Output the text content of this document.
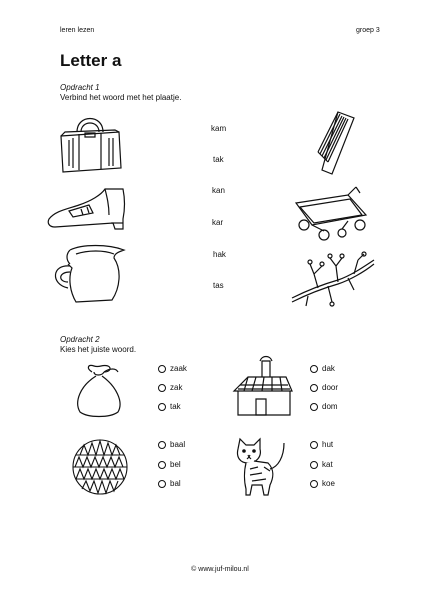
leren lezen	groep 3
Letter a
Opdracht 1
Verbind het woord met het plaatje.
kam
tak
kan
kar
hak
tas
Opdracht 2
Kies het juiste woord.
zaak
zak
tak
dak
door
dom
baal
bel
bal
hut
kat
koe
© www.juf-milou.nl
